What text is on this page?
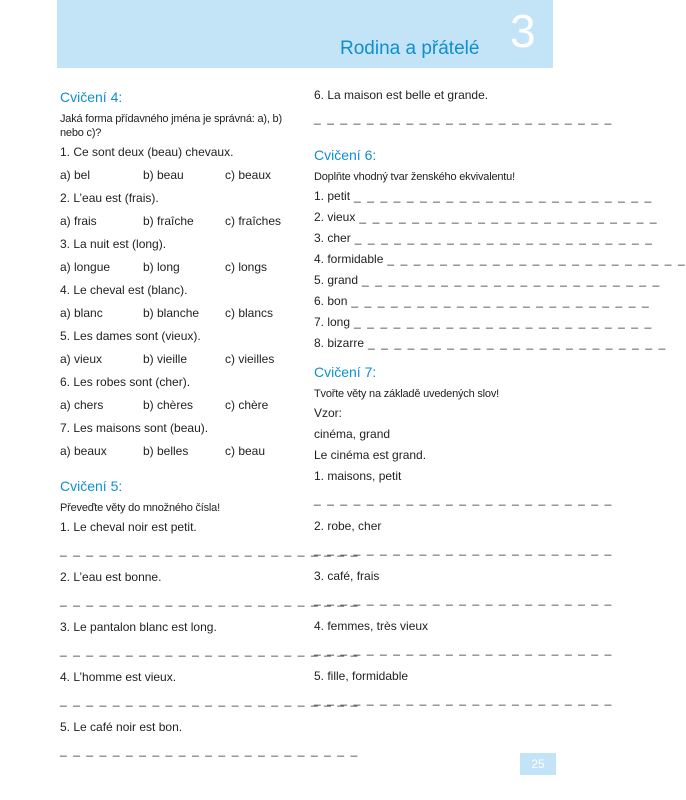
Rodina a přátelé 3
Cvičení 4:
Jaká forma přídavného jména je správná: a), b) nebo c)?
1. Ce sont deux (beau) chevaux.
a) bel	b) beau	c) beaux
2. L’eau est (frais).
a) frais	b) fraîche	c) fraîches
3. La nuit est (long).
a) longue	b) long	c) longs
4. Le cheval est (blanc).
a) blanc	b) blanche	c) blancs
5. Les dames sont (vieux).
a) vieux	b) vieille	c) vieilles
6. Les robes sont (cher).
a) chers	b) chères	c) chère
7. Les maisons sont (beau).
a) beaux	b) belles	c) beau
Cvičení 5:
Převeďte věty do množného čísla!
1. Le cheval noir est petit.
_ _ _ _ _ _ _ _ _ _ _ _ _ _ _ _ _ _ _ _ _ _ _
2. L’eau est bonne.
_ _ _ _ _ _ _ _ _ _ _ _ _ _ _ _ _ _ _ _ _ _ _
3. Le pantalon blanc est long.
_ _ _ _ _ _ _ _ _ _ _ _ _ _ _ _ _ _ _ _ _ _ _
4. L’homme est vieux.
_ _ _ _ _ _ _ _ _ _ _ _ _ _ _ _ _ _ _ _ _ _ _
5. Le café noir est bon.
_ _ _ _ _ _ _ _ _ _ _ _ _ _ _ _ _ _ _ _ _ _ _
6. La maison est belle et grande.
_ _ _ _ _ _ _ _ _ _ _ _ _ _ _ _ _ _ _ _ _ _ _
Cvičení 6:
Doplňte vhodný tvar ženského ekvivalentu!
1. petit _ _ _ _ _ _ _ _ _ _ _ _ _ _ _ _ _ _ _ _ _ _ _
2. vieux _ _ _ _ _ _ _ _ _ _ _ _ _ _ _ _ _ _ _ _ _ _ _
3. cher _ _ _ _ _ _ _ _ _ _ _ _ _ _ _ _ _ _ _ _ _ _ _
4. formidable _ _ _ _ _ _ _ _ _ _ _ _ _ _ _ _ _ _ _ _ _ _ _
5. grand _ _ _ _ _ _ _ _ _ _ _ _ _ _ _ _ _ _ _ _ _ _ _
6. bon _ _ _ _ _ _ _ _ _ _ _ _ _ _ _ _ _ _ _ _ _ _ _
7. long _ _ _ _ _ _ _ _ _ _ _ _ _ _ _ _ _ _ _ _ _ _ _
8. bizarre _ _ _ _ _ _ _ _ _ _ _ _ _ _ _ _ _ _ _ _ _ _ _
Cvičení 7:
Tvořte věty na základě uvedených slov!
Vzor:
cinéma, grand
Le cinéma est grand.
1. maisons, petit
_ _ _ _ _ _ _ _ _ _ _ _ _ _ _ _ _ _ _ _ _ _ _
2. robe, cher
_ _ _ _ _ _ _ _ _ _ _ _ _ _ _ _ _ _ _ _ _ _ _
3. café, frais
_ _ _ _ _ _ _ _ _ _ _ _ _ _ _ _ _ _ _ _ _ _ _
4. femmes, très vieux
_ _ _ _ _ _ _ _ _ _ _ _ _ _ _ _ _ _ _ _ _ _ _
5. fille, formidable
_ _ _ _ _ _ _ _ _ _ _ _ _ _ _ _ _ _ _ _ _ _ _
25
